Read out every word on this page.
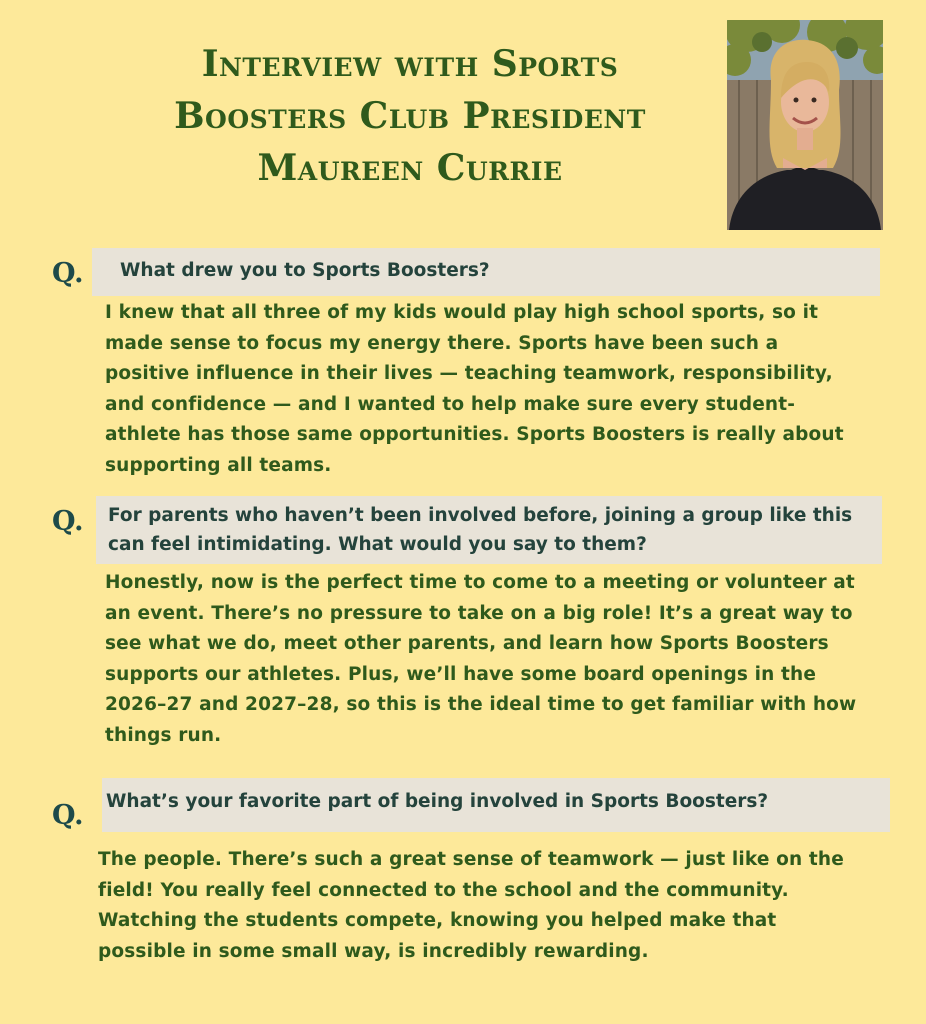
Interview with Sports
Boosters Club President
Maureen Currie
Q.	What drew you to Sports Boosters?

I knew that all three of my kids would play high school sports, so it made sense to focus my energy there. Sports have been such a positive influence in their lives — teaching teamwork, responsibility, and confidence — and I wanted to help make sure every student-athlete has those same opportunities. Sports Boosters is really about supporting all teams.

Q.	For parents who haven’t been involved before, joining a group like this can feel intimidating. What would you say to them?

Honestly, now is the perfect time to come to a meeting or volunteer at an event. There’s no pressure to take on a big role! It’s a great way to see what we do, meet other parents, and learn how Sports Boosters supports our athletes. Plus, we’ll have some board openings in the 2026–27 and 2027–28, so this is the ideal time to get familiar with how things run.

Q. What’s your favorite part of being involved in Sports Boosters?

The people. There’s such a great sense of teamwork — just like on the field! You really feel connected to the school and the community. Watching the students compete, knowing you helped make that possible in some small way, is incredibly rewarding.
